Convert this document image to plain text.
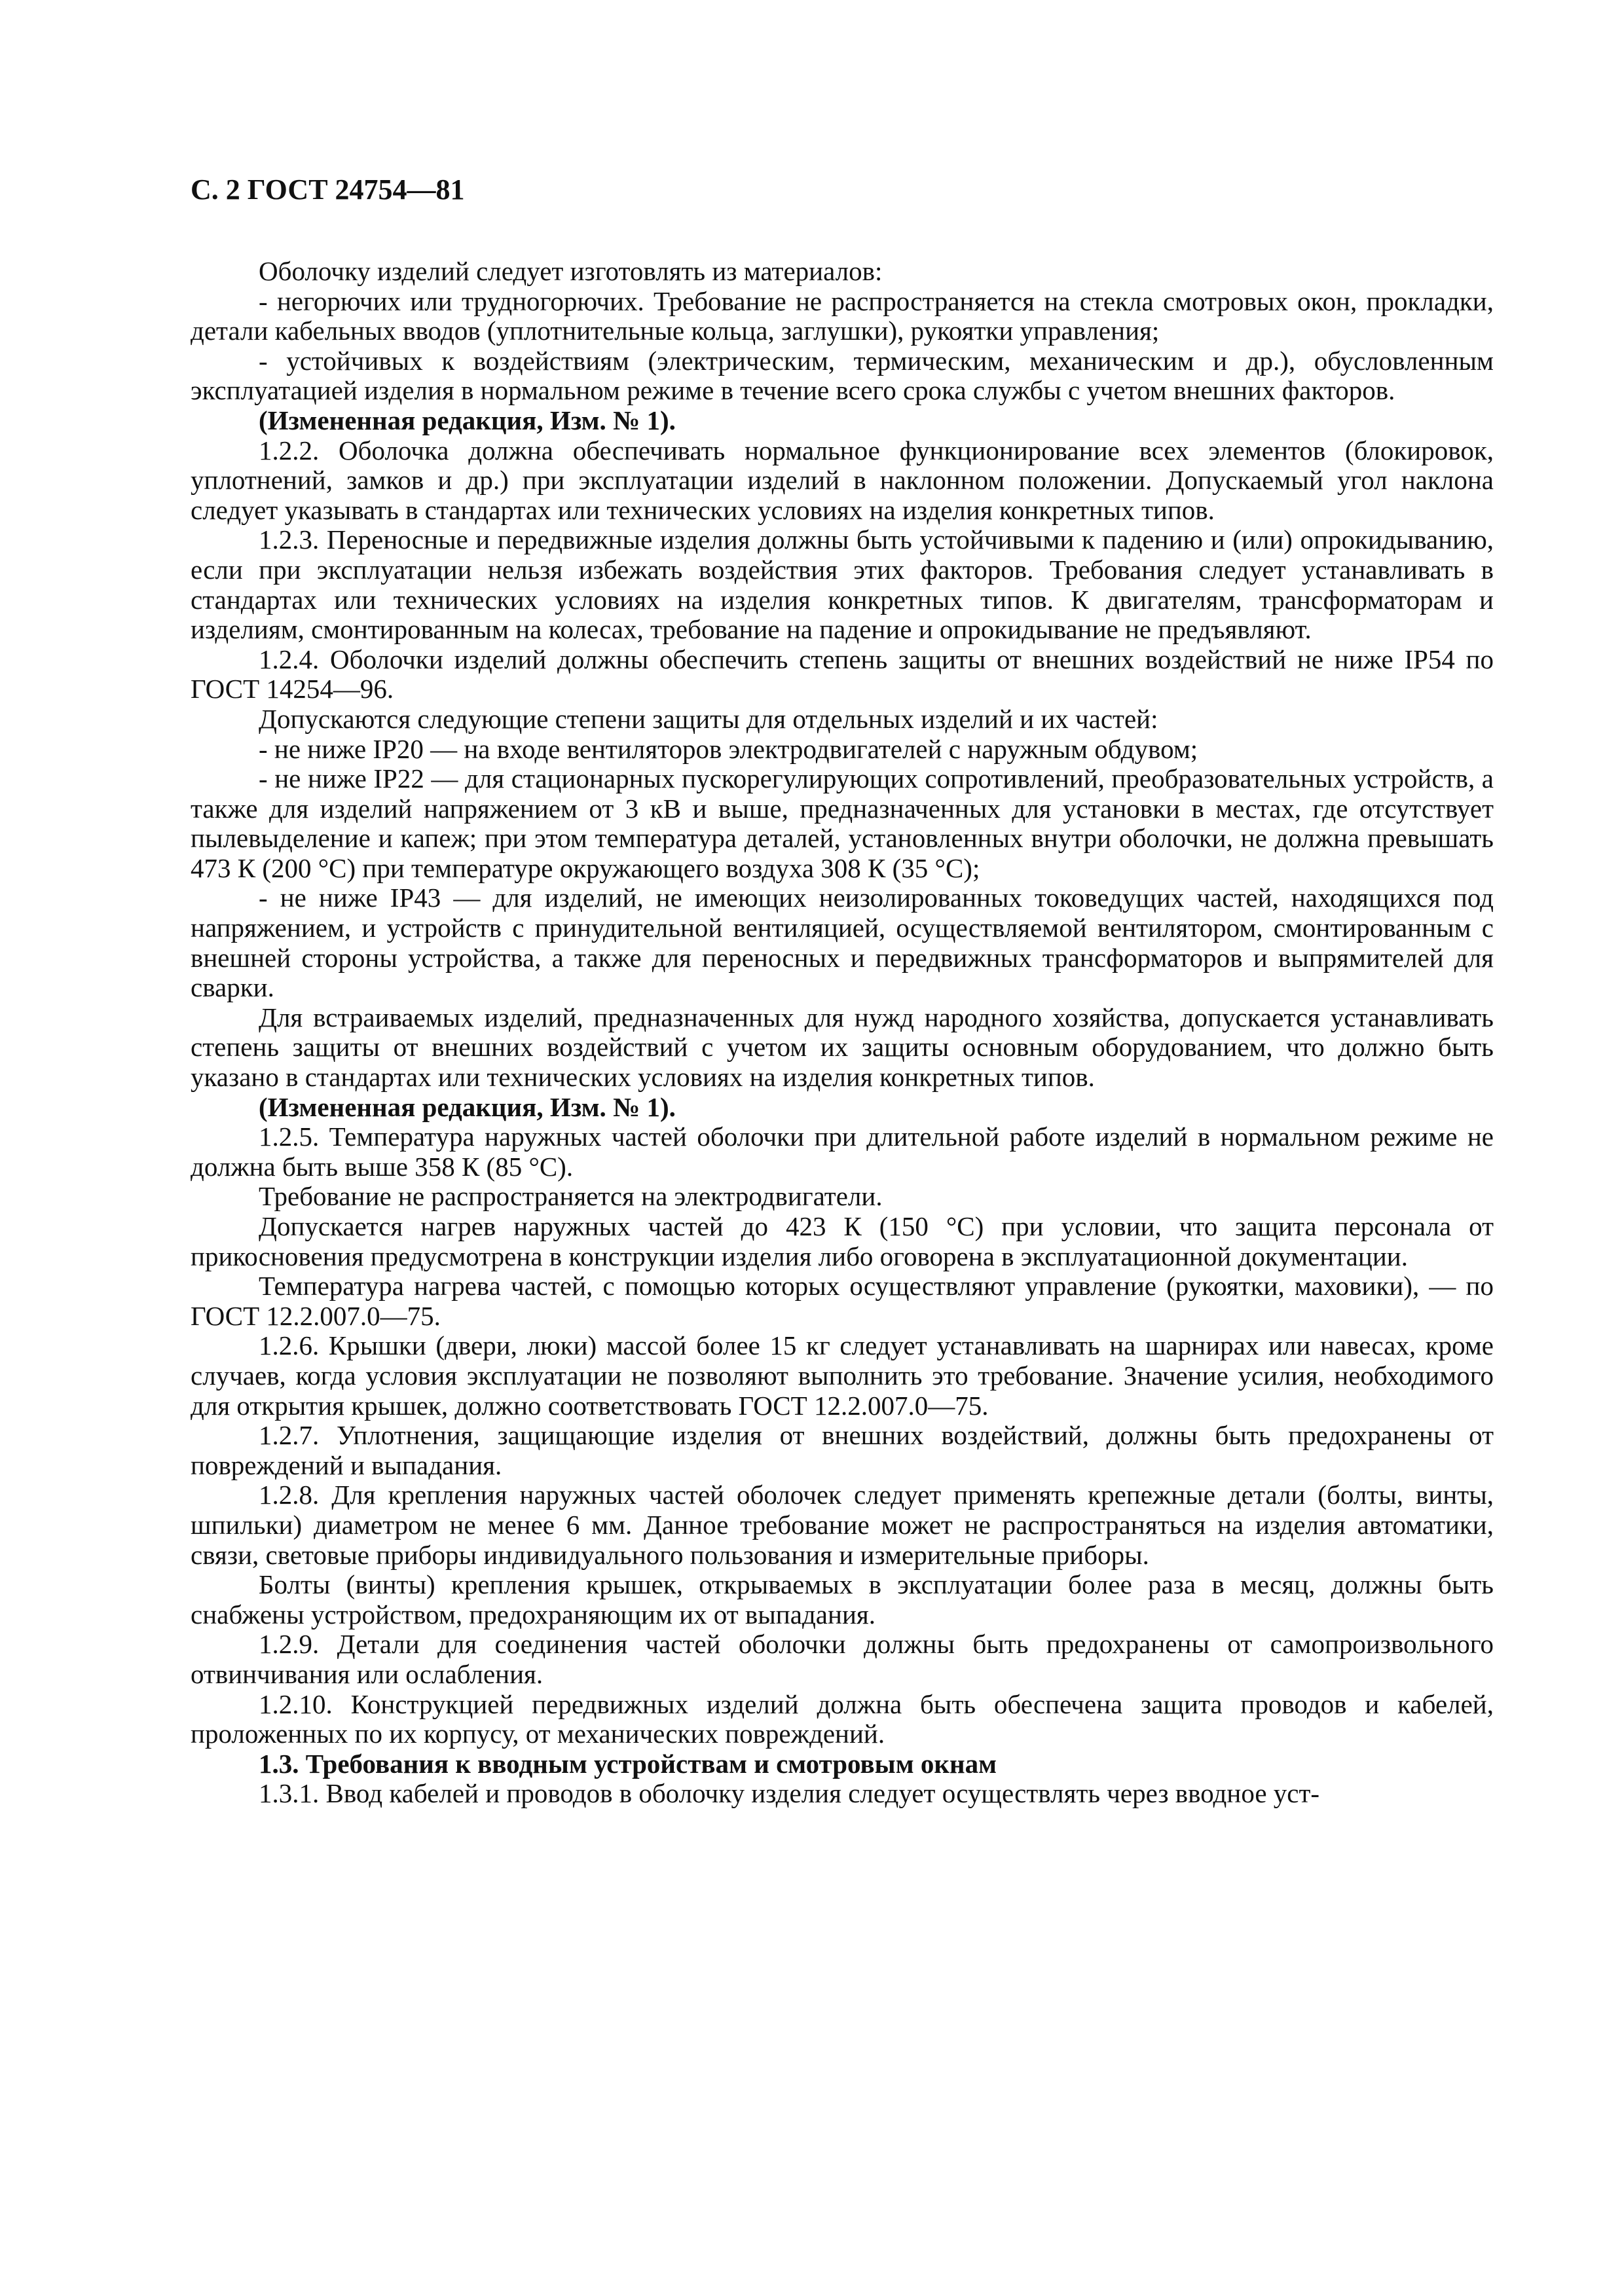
С. 2 ГОСТ 24754—81

Оболочку изделий следует изготовлять из материалов:

- негорючих или трудногорючих. Требование не распространяется на стекла смотровых окон, прокладки, детали кабельных вводов (уплотнительные кольца, заглушки), рукоятки управления;

- устойчивых к воздействиям (электрическим, термическим, механическим и др.), обусловленным эксплуатацией изделия в нормальном режиме в течение всего срока службы с учетом внешних факторов.

(Измененная редакция, Изм. № 1).

1.2.2. Оболочка должна обеспечивать нормальное функционирование всех элементов (блокировок, уплотнений, замков и др.) при эксплуатации изделий в наклонном положении. Допускаемый угол наклона следует указывать в стандартах или технических условиях на изделия конкретных типов.

1.2.3. Переносные и передвижные изделия должны быть устойчивыми к падению и (или) опрокидыванию, если при эксплуатации нельзя избежать воздействия этих факторов. Требования следует устанавливать в стандартах или технических условиях на изделия конкретных типов. К двигателям, трансформаторам и изделиям, смонтированным на колесах, требование на падение и опрокидывание не предъявляют.

1.2.4. Оболочки изделий должны обеспечить степень защиты от внешних воздействий не ниже IP54 по ГОСТ 14254—96.

Допускаются следующие степени защиты для отдельных изделий и их частей:

- не ниже IP20 — на входе вентиляторов электродвигателей с наружным обдувом;

- не ниже IP22 — для стационарных пускорегулирующих сопротивлений, преобразовательных устройств, а также для изделий напряжением от 3 кВ и выше, предназначенных для установки в местах, где отсутствует пылевыделение и капеж; при этом температура деталей, установленных внутри оболочки, не должна превышать 473 К (200 °С) при температуре окружающего воздуха 308 К (35 °С);

- не ниже IP43 — для изделий, не имеющих неизолированных токоведущих частей, находящихся под напряжением, и устройств с принудительной вентиляцией, осуществляемой вентилятором, смонтированным с внешней стороны устройства, а также для переносных и передвижных трансформаторов и выпрямителей для сварки.

Для встраиваемых изделий, предназначенных для нужд народного хозяйства, допускается устанавливать степень защиты от внешних воздействий с учетом их защиты основным оборудованием, что должно быть указано в стандартах или технических условиях на изделия конкретных типов.

(Измененная редакция, Изм. № 1).

1.2.5. Температура наружных частей оболочки при длительной работе изделий в нормальном режиме не должна быть выше 358 К (85 °С).

Требование не распространяется на электродвигатели.

Допускается нагрев наружных частей до 423 К (150 °С) при условии, что защита персонала от прикосновения предусмотрена в конструкции изделия либо оговорена в эксплуатационной документации.

Температура нагрева частей, с помощью которых осуществляют управление (рукоятки, маховики), — по ГОСТ 12.2.007.0—75.

1.2.6. Крышки (двери, люки) массой более 15 кг следует устанавливать на шарнирах или навесах, кроме случаев, когда условия эксплуатации не позволяют выполнить это требование. Значение усилия, необходимого для открытия крышек, должно соответствовать ГОСТ 12.2.007.0—75.

1.2.7. Уплотнения, защищающие изделия от внешних воздействий, должны быть предохранены от повреждений и выпадания.

1.2.8. Для крепления наружных частей оболочек следует применять крепежные детали (болты, винты, шпильки) диаметром не менее 6 мм. Данное требование может не распространяться на изделия автоматики, связи, световые приборы индивидуального пользования и измерительные приборы.

Болты (винты) крепления крышек, открываемых в эксплуатации более раза в месяц, должны быть снабжены устройством, предохраняющим их от выпадания.

1.2.9. Детали для соединения частей оболочки должны быть предохранены от самопроизвольного отвинчивания или ослабления.

1.2.10. Конструкцией передвижных изделий должна быть обеспечена защита проводов и кабелей, проложенных по их корпусу, от механических повреждений.

1.3. Требования к вводным устройствам и смотровым окнам

1.3.1. Ввод кабелей и проводов в оболочку изделия следует осуществлять через вводное уст-
